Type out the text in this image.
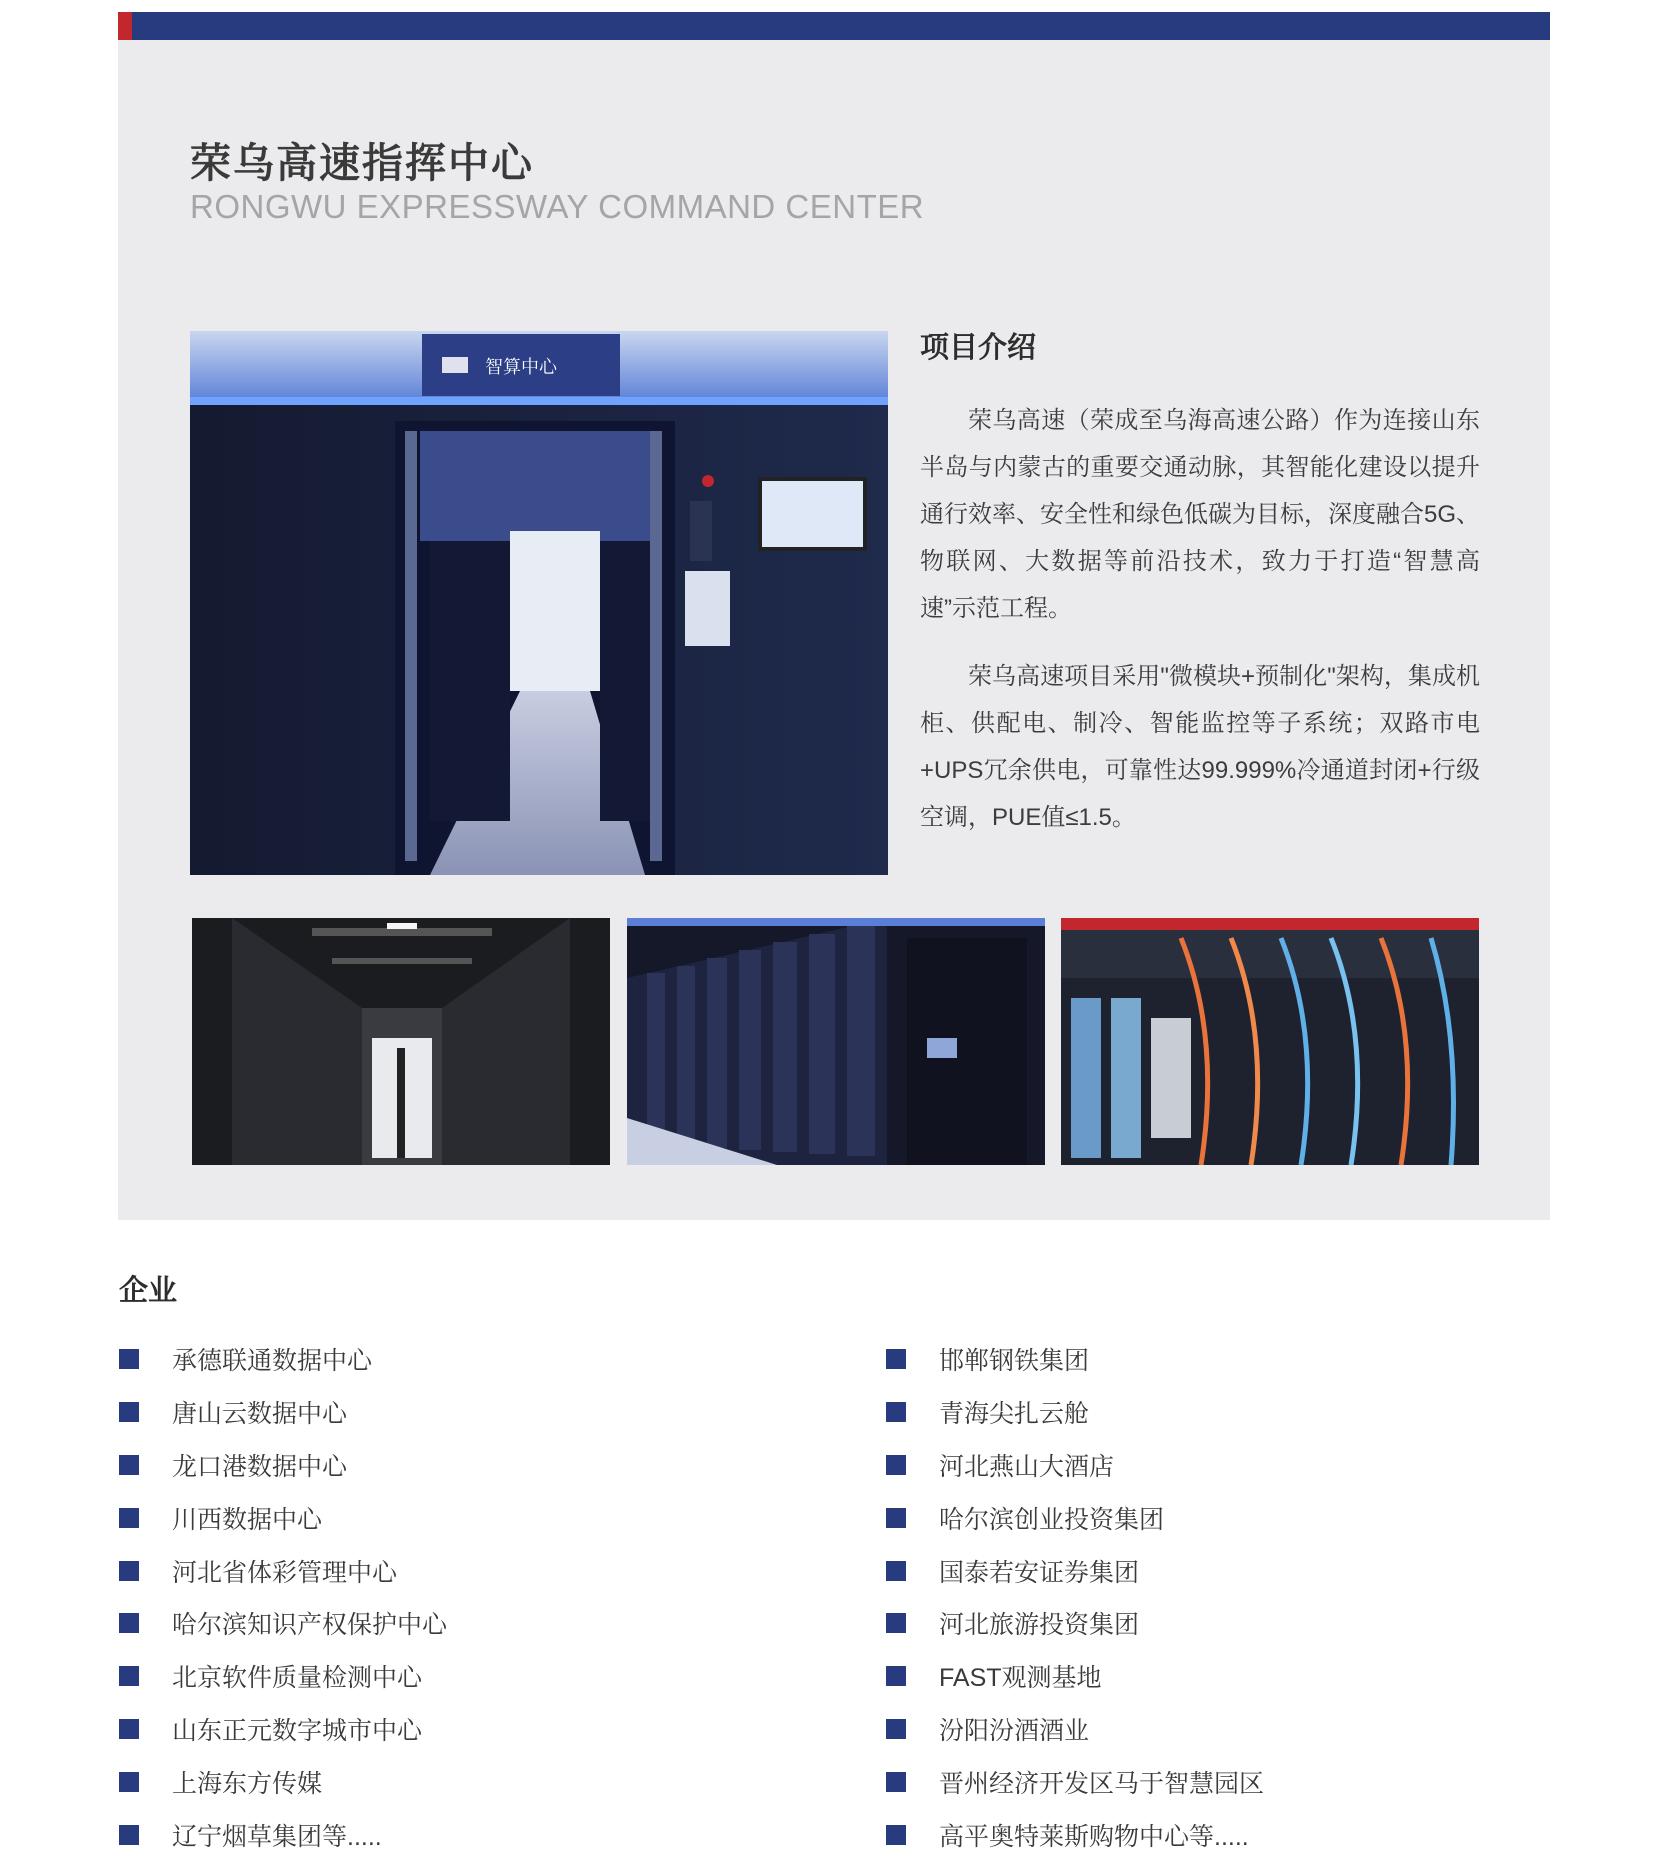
荣乌高速指挥中心
RONGWU EXPRESSWAY COMMAND CENTER
智算中心
项目介绍

荣乌高速（荣成至乌海高速公路）作为连接山东半岛与内蒙古的重要交通动脉，其智能化建设以提升通行效率、安全性和绿色低碳为目标，深度融合5G、物联网、大数据等前沿技术，致力于打造“智慧高速”示范工程。

荣乌高速项目采用"微模块+预制化"架构，集成机柜、供配电、制冷、智能监控等子系统；双路市电+UPS冗余供电，可靠性达99.999%冷通道封闭+行级空调，PUE值≤1.5。

企业
承德联通数据中心
唐山云数据中心
龙口港数据中心
川西数据中心
河北省体彩管理中心
哈尔滨知识产权保护中心
北京软件质量检测中心
山东正元数字城市中心
上海东方传媒
辽宁烟草集团等.....
邯郸钢铁集团
青海尖扎云舱
河北燕山大酒店
哈尔滨创业投资集团
国泰若安证券集团
河北旅游投资集团
FAST观测基地
汾阳汾酒酒业
晋州经济开发区马于智慧园区
高平奥特莱斯购物中心等.....
